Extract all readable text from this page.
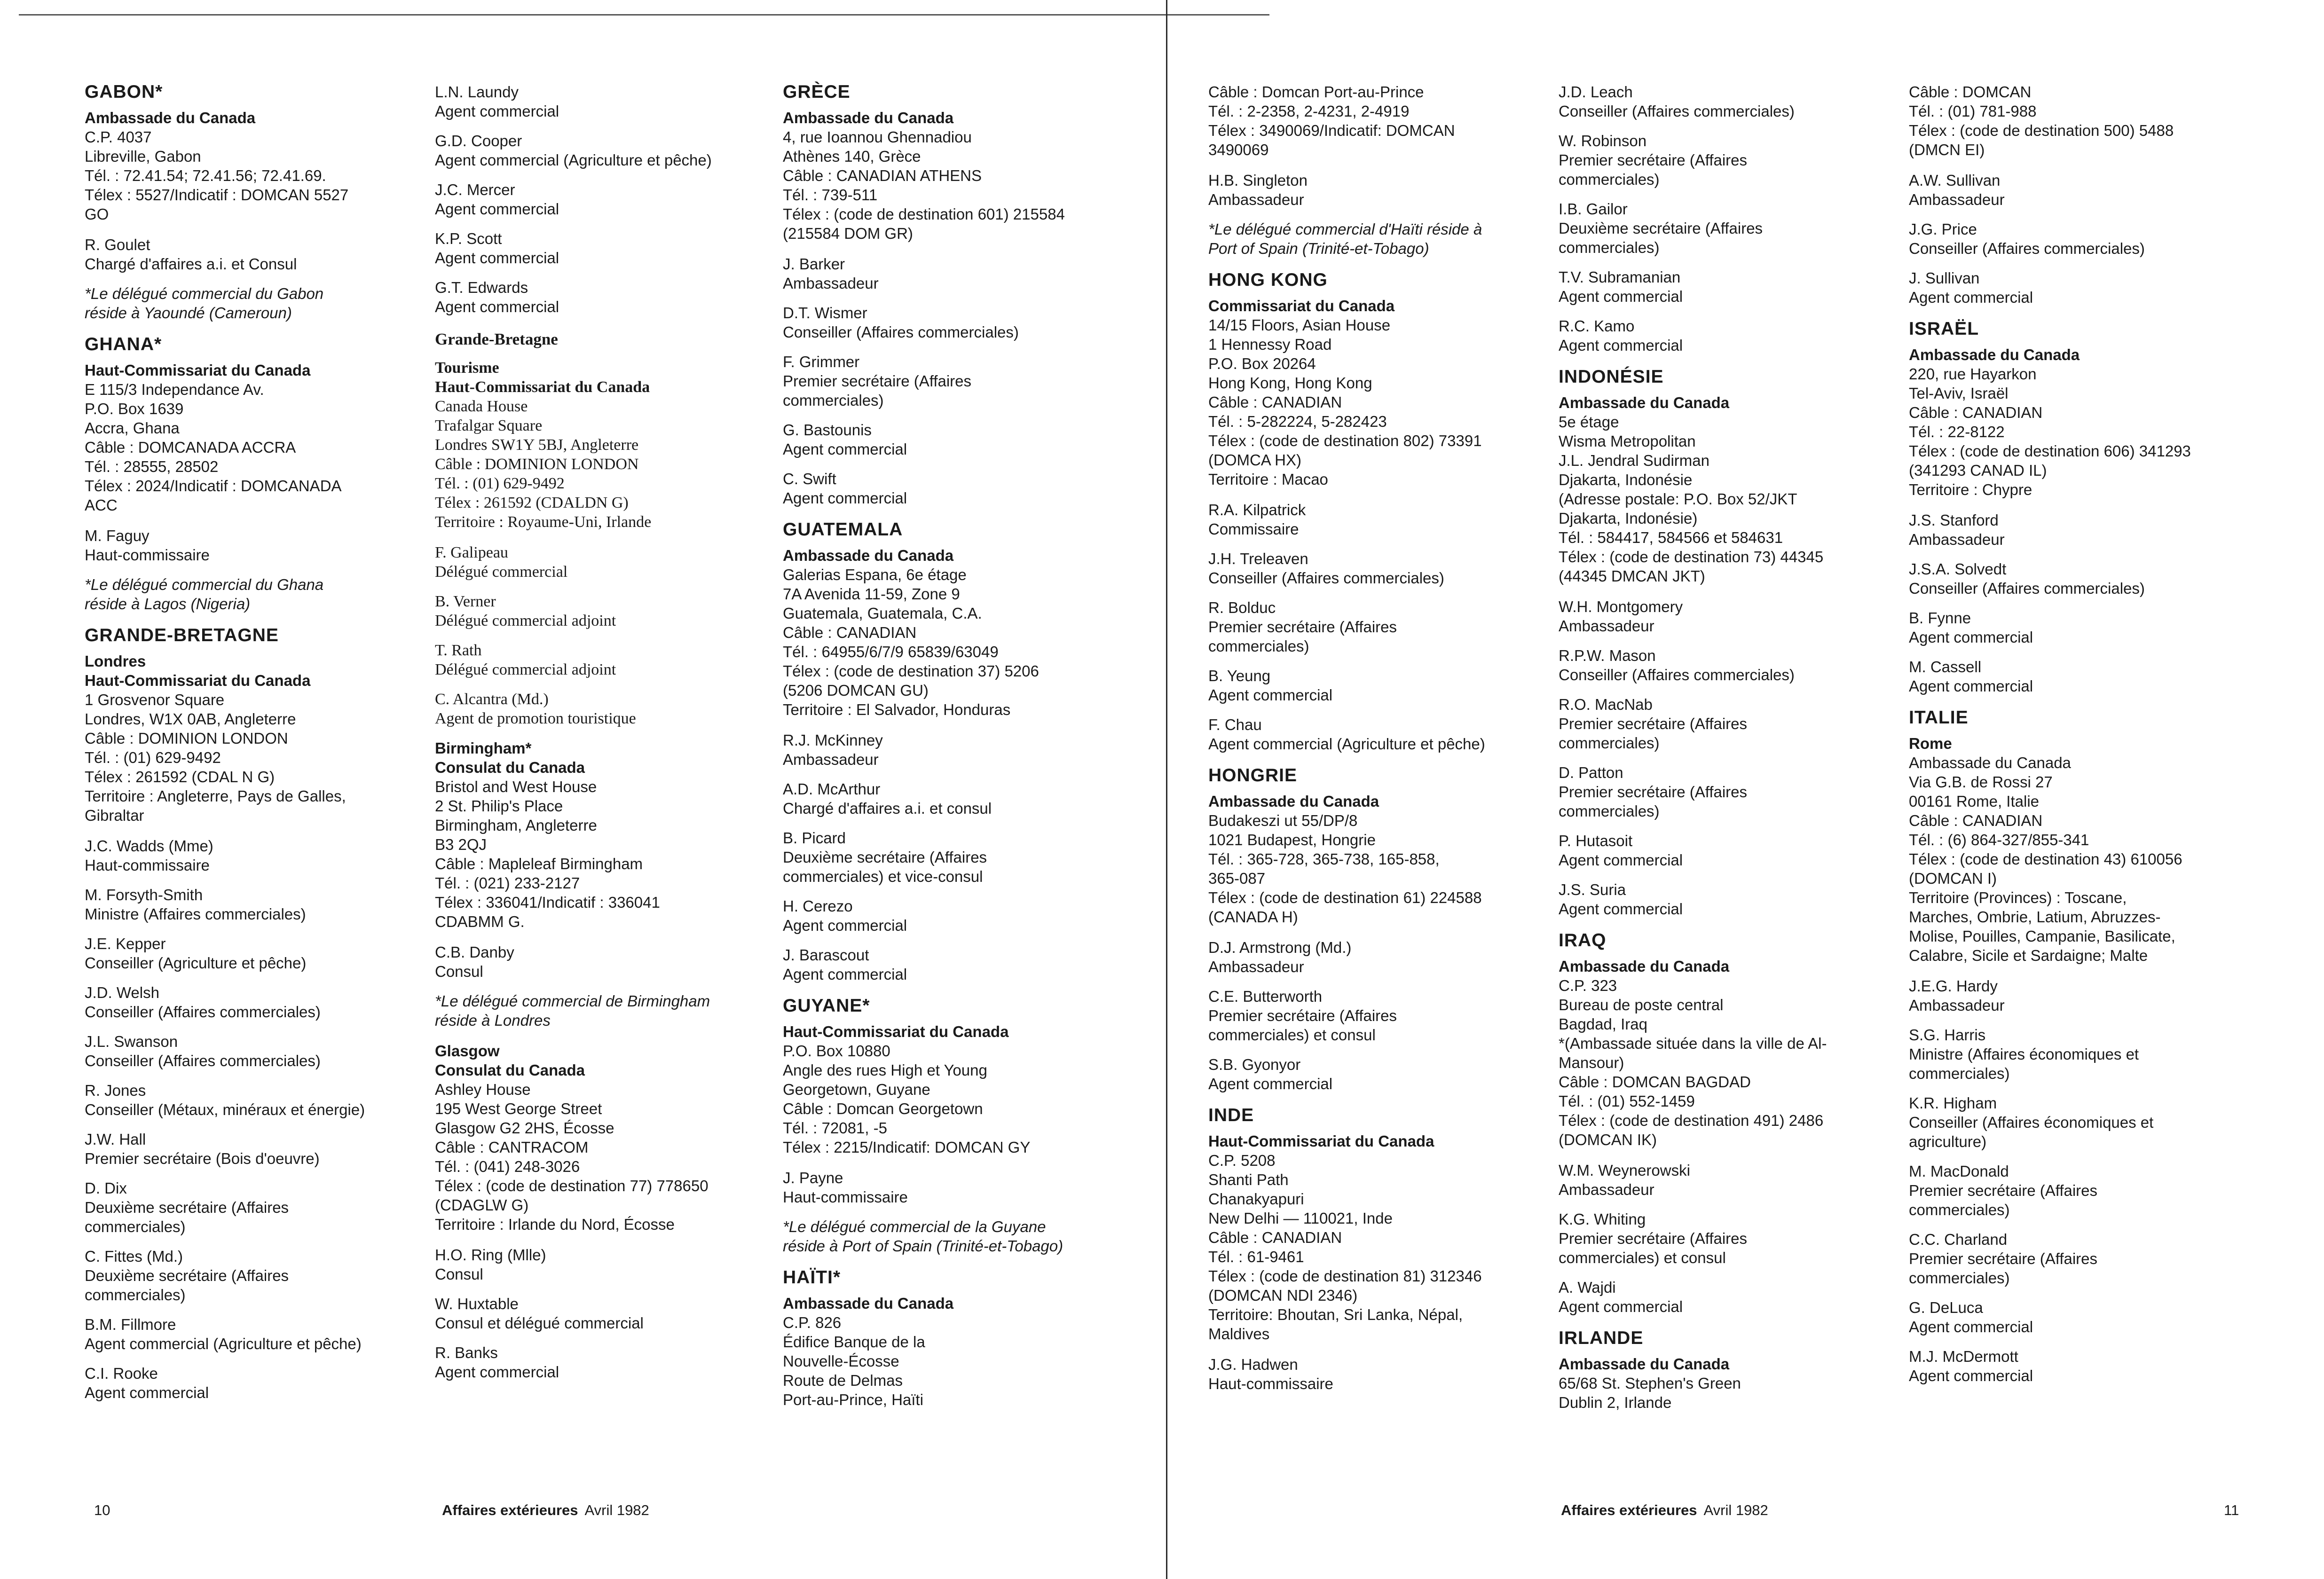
GABON*
Ambassade du Canada
C.P. 4037
Libreville, Gabon
Tél. : 72.41.54; 72.41.56; 72.41.69.
Télex : 5527/Indicatif : DOMCAN 5527
GO
R. Goulet
Chargé d'affaires a.i. et Consul
*Le délégué commercial du Gabon
réside à Yaoundé (Cameroun)
GHANA*
Haut-Commissariat du Canada
E 115/3 Independance Av.
P.O. Box 1639
Accra, Ghana
Câble : DOMCANADA ACCRA
Tél. : 28555, 28502
Télex : 2024/Indicatif : DOMCANADA
ACC
M. Faguy
Haut-commissaire
*Le délégué commercial du Ghana
réside à Lagos (Nigeria)
GRANDE-BRETAGNE
Londres
Haut-Commissariat du Canada
1 Grosvenor Square
Londres, W1X 0AB, Angleterre
Câble : DOMINION LONDON
Tél. : (01) 629-9492
Télex : 261592 (CDAL N G)
Territoire : Angleterre, Pays de Galles,
Gibraltar
J.C. Wadds (Mme)
Haut-commissaire
M. Forsyth-Smith
Ministre (Affaires commerciales)
J.E. Kepper
Conseiller (Agriculture et pêche)
J.D. Welsh
Conseiller (Affaires commerciales)
J.L. Swanson
Conseiller (Affaires commerciales)
R. Jones
Conseiller (Métaux, minéraux et énergie)
J.W. Hall
Premier secrétaire (Bois d'oeuvre)
D. Dix
Deuxième secrétaire (Affaires
commerciales)
C. Fittes (Md.)
Deuxième secrétaire (Affaires
commerciales)
B.M. Fillmore
Agent commercial (Agriculture et pêche)
C.I. Rooke
Agent commercial
L.N. Laundy
Agent commercial
G.D. Cooper
Agent commercial (Agriculture et pêche)
J.C. Mercer
Agent commercial
K.P. Scott
Agent commercial
G.T. Edwards
Agent commercial
Grande-Bretagne
Tourisme
Haut-Commissariat du Canada
Canada House
Trafalgar Square
Londres SW1Y 5BJ, Angleterre
Câble : DOMINION LONDON
Tél. : (01) 629-9492
Télex : 261592 (CDALDN G)
Territoire : Royaume-Uni, Irlande
F. Galipeau
Délégué commercial
B. Verner
Délégué commercial adjoint
T. Rath
Délégué commercial adjoint
C. Alcantra (Md.)
Agent de promotion touristique
Birmingham*
Consulat du Canada
Bristol and West House
2 St. Philip's Place
Birmingham, Angleterre
B3 2QJ
Câble : Mapleleaf Birmingham
Tél. : (021) 233-2127
Télex : 336041/Indicatif : 336041
CDABMM G.
C.B. Danby
Consul
*Le délégué commercial de Birmingham
réside à Londres
Glasgow
Consulat du Canada
Ashley House
195 West George Street
Glasgow G2 2HS, Écosse
Câble : CANTRACOM
Tél. : (041) 248-3026
Télex : (code de destination 77) 778650
(CDAGLW G)
Territoire : Irlande du Nord, Écosse
H.O. Ring (Mlle)
Consul
W. Huxtable
Consul et délégué commercial
R. Banks
Agent commercial
GRÈCE
Ambassade du Canada
4, rue Ioannou Ghennadiou
Athènes 140, Grèce
Câble : CANADIAN ATHENS
Tél. : 739-511
Télex : (code de destination 601) 215584
(215584 DOM GR)
J. Barker
Ambassadeur
D.T. Wismer
Conseiller (Affaires commerciales)
F. Grimmer
Premier secrétaire (Affaires
commerciales)
G. Bastounis
Agent commercial
C. Swift
Agent commercial
GUATEMALA
Ambassade du Canada
Galerias Espana, 6e étage
7A Avenida 11-59, Zone 9
Guatemala, Guatemala, C.A.
Câble : CANADIAN
Tél. : 64955/6/7/9 65839/63049
Télex : (code de destination 37) 5206
(5206 DOMCAN GU)
Territoire : El Salvador, Honduras
R.J. McKinney
Ambassadeur
A.D. McArthur
Chargé d'affaires a.i. et consul
B. Picard
Deuxième secrétaire (Affaires
commerciales) et vice-consul
H. Cerezo
Agent commercial
J. Barascout
Agent commercial
GUYANE*
Haut-Commissariat du Canada
P.O. Box 10880
Angle des rues High et Young
Georgetown, Guyane
Câble : Domcan Georgetown
Tél. : 72081, -5
Télex : 2215/Indicatif: DOMCAN GY
J. Payne
Haut-commissaire
*Le délégué commercial de la Guyane
réside à Port of Spain (Trinité-et-Tobago)
HAÏTI*
Ambassade du Canada
C.P. 826
Édifice Banque de la
Nouvelle-Écosse
Route de Delmas
Port-au-Prince, Haïti
Câble : Domcan Port-au-Prince
Tél. : 2-2358, 2-4231, 2-4919
Télex : 3490069/Indicatif: DOMCAN
3490069
H.B. Singleton
Ambassadeur
*Le délégué commercial d'Haïti réside à
Port of Spain (Trinité-et-Tobago)
HONG KONG
Commissariat du Canada
14/15 Floors, Asian House
1 Hennessy Road
P.O. Box 20264
Hong Kong, Hong Kong
Câble : CANADIAN
Tél. : 5-282224, 5-282423
Télex : (code de destination 802) 73391
(DOMCA HX)
Territoire : Macao
R.A. Kilpatrick
Commissaire
J.H. Treleaven
Conseiller (Affaires commerciales)
R. Bolduc
Premier secrétaire (Affaires
commerciales)
B. Yeung
Agent commercial
F. Chau
Agent commercial (Agriculture et pêche)
HONGRIE
Ambassade du Canada
Budakeszi ut 55/DP/8
1021 Budapest, Hongrie
Tél. : 365-728, 365-738, 165-858,
365-087
Télex : (code de destination 61) 224588
(CANADA H)
D.J. Armstrong (Md.)
Ambassadeur
C.E. Butterworth
Premier secrétaire (Affaires
commerciales) et consul
S.B. Gyonyor
Agent commercial
INDE
Haut-Commissariat du Canada
C.P. 5208
Shanti Path
Chanakyapuri
New Delhi — 110021, Inde
Câble : CANADIAN
Tél. : 61-9461
Télex : (code de destination 81) 312346
(DOMCAN NDI 2346)
Territoire: Bhoutan, Sri Lanka, Népal,
Maldives
J.G. Hadwen
Haut-commissaire
J.D. Leach
Conseiller (Affaires commerciales)
W. Robinson
Premier secrétaire (Affaires
commerciales)
I.B. Gailor
Deuxième secrétaire (Affaires
commerciales)
T.V. Subramanian
Agent commercial
R.C. Kamo
Agent commercial
INDONÉSIE
Ambassade du Canada
5e étage
Wisma Metropolitan
J.L. Jendral Sudirman
Djakarta, Indonésie
(Adresse postale: P.O. Box 52/JKT
Djakarta, Indonésie)
Tél. : 584417, 584566 et 584631
Télex : (code de destination 73) 44345
(44345 DMCAN JKT)
W.H. Montgomery
Ambassadeur
R.P.W. Mason
Conseiller (Affaires commerciales)
R.O. MacNab
Premier secrétaire (Affaires
commerciales)
D. Patton
Premier secrétaire (Affaires
commerciales)
P. Hutasoit
Agent commercial
J.S. Suria
Agent commercial
IRAQ
Ambassade du Canada
C.P. 323
Bureau de poste central
Bagdad, Iraq
*(Ambassade située dans la ville de Al-
Mansour)
Câble : DOMCAN BAGDAD
Tél. : (01) 552-1459
Télex : (code de destination 491) 2486
(DOMCAN IK)
W.M. Weynerowski
Ambassadeur
K.G. Whiting
Premier secrétaire (Affaires
commerciales) et consul
A. Wajdi
Agent commercial
IRLANDE
Ambassade du Canada
65/68 St. Stephen's Green
Dublin 2, Irlande
Câble : DOMCAN
Tél. : (01) 781-988
Télex : (code de destination 500) 5488
(DMCN EI)
A.W. Sullivan
Ambassadeur
J.G. Price
Conseiller (Affaires commerciales)
J. Sullivan
Agent commercial
ISRAËL
Ambassade du Canada
220, rue Hayarkon
Tel-Aviv, Israël
Câble : CANADIAN
Tél. : 22-8122
Télex : (code de destination 606) 341293
(341293 CANAD IL)
Territoire : Chypre
J.S. Stanford
Ambassadeur
J.S.A. Solvedt
Conseiller (Affaires commerciales)
B. Fynne
Agent commercial
M. Cassell
Agent commercial
ITALIE
Rome
Ambassade du Canada
Via G.B. de Rossi 27
00161 Rome, Italie
Câble : CANADIAN
Tél. : (6) 864-327/855-341
Télex : (code de destination 43) 610056
(DOMCAN I)
Territoire (Provinces) : Toscane,
Marches, Ombrie, Latium, Abruzzes-
Molise, Pouilles, Campanie, Basilicate,
Calabre, Sicile et Sardaigne; Malte
J.E.G. Hardy
Ambassadeur
S.G. Harris
Ministre (Affaires économiques et
commerciales)
K.R. Higham
Conseiller (Affaires économiques et
agriculture)
M. MacDonald
Premier secrétaire (Affaires
commerciales)
C.C. Charland
Premier secrétaire (Affaires
commerciales)
G. DeLuca
Agent commercial
M.J. McDermott
Agent commercial
10	Affaires extérieures Avril 1982	Affaires extérieures Avril 1982	11
